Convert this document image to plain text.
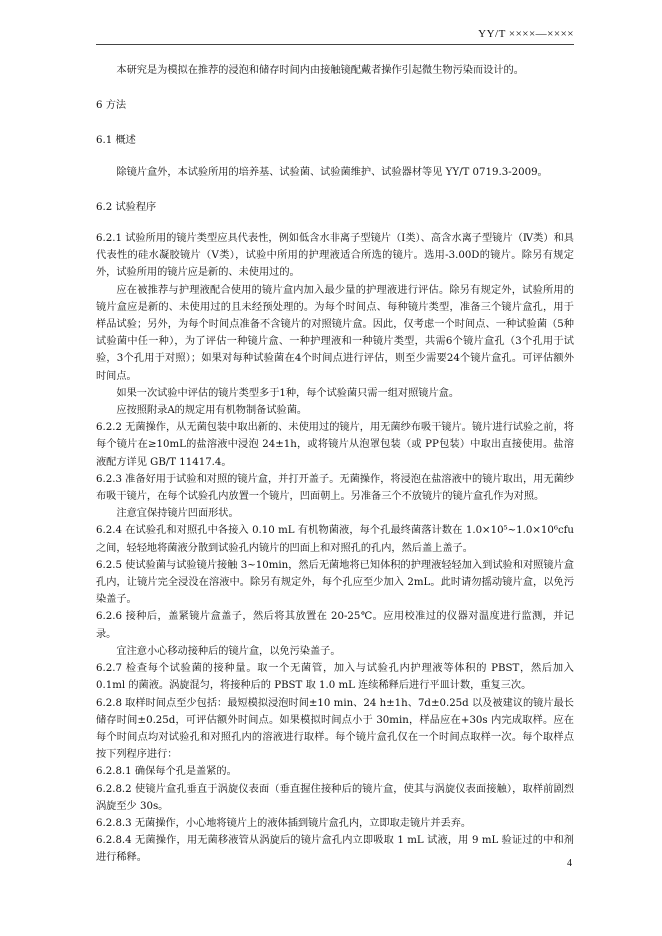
YY/T ××××—××××

本研究是为模拟在推荐的浸泡和储存时间内由接触镜配戴者操作引起微生物污染而设计的。

6 方法

6.1 概述

除镜片盒外，本试验所用的培养基、试验菌、试验菌维护、试验器材等见 YY/T 0719.3-2009。

6.2 试验程序

6.2.1 试验所用的镜片类型应具代表性，例如低含水非离子型镜片（Ⅰ类）、高含水离子型镜片（Ⅳ类）和具代表性的硅水凝胶镜片（Ⅴ类），试验中所用的护理液适合所选的镜片。选用-3.00D的镜片。除另有规定外，试验所用的镜片应是新的、未使用过的。

应在被推荐与护理液配合使用的镜片盒内加入最少量的护理液进行评估。除另有规定外，试验所用的镜片盒应是新的、未使用过的且未经预处理的。为每个时间点、每种镜片类型，准备三个镜片盒孔，用于样品试验；另外，为每个时间点准备不含镜片的对照镜片盒。因此，仅考虑一个时间点、一种试验菌（5种试验菌中任一种），为了评估一种镜片盒、一种护理液和一种镜片类型，共需6个镜片盒孔（3个孔用于试验，3个孔用于对照）；如果对每种试验菌在4个时间点进行评估，则至少需要24个镜片盒孔。可评估额外时间点。

如果一次试验中评估的镜片类型多于1种，每个试验菌只需一组对照镜片盒。

应按照附录A的规定用有机物制备试验菌。

6.2.2 无菌操作，从无菌包装中取出新的、未使用过的镜片，用无菌纱布吸干镜片。镜片进行试验之前，将每个镜片在≥10mL的盐溶液中浸泡 24±1h，或将镜片从泡罩包装（或 PP包装）中取出直接使用。盐溶液配方详见 GB/T 11417.4。

6.2.3 准备好用于试验和对照的镜片盒，并打开盖子。无菌操作，将浸泡在盐溶液中的镜片取出，用无菌纱布吸干镜片，在每个试验孔内放置一个镜片，凹面朝上。另准备三个不放镜片的镜片盒孔作为对照。

注意宜保持镜片凹面形状。

6.2.4 在试验孔和对照孔中各接入 0.10 mL 有机物菌液，每个孔最终菌落计数在 1.0×10⁵~1.0×10⁶cfu 之间，轻轻地将菌液分散到试验孔内镜片的凹面上和对照孔的孔内，然后盖上盖子。

6.2.5 使试验菌与试验镜片接触 3~10min，然后无菌地将已知体积的护理液轻轻加入到试验和对照镜片盒孔内，让镜片完全浸没在溶液中。除另有规定外，每个孔应至少加入 2mL。此时请勿摇动镜片盒，以免污染盖子。

6.2.6 接种后，盖紧镜片盒盖子，然后将其放置在 20-25℃。应用校准过的仪器对温度进行监测，并记录。

宜注意小心移动接种后的镜片盒，以免污染盖子。

6.2.7 检查每个试验菌的接种量。取一个无菌管，加入与试验孔内护理液等体积的 PBST，然后加入 0.1ml 的菌液。涡旋混匀，将接种后的 PBST 取 1.0 mL 连续稀释后进行平皿计数，重复三次。

6.2.8 取样时间点至少包括：最短模拟浸泡时间±10 min、24 h±1h、7d±0.25d 以及被建议的镜片最长储存时间±0.25d，可评估额外时间点。如果模拟时间点小于 30min，样品应在+30s 内完成取样。应在每个时间点均对试验孔和对照孔内的溶液进行取样。每个镜片盒孔仅在一个时间点取样一次。每个取样点按下列程序进行：

6.2.8.1 确保每个孔是盖紧的。

6.2.8.2 使镜片盒孔垂直于涡旋仪表面（垂直握住接种后的镜片盒，使其与涡旋仪表面接触），取样前剧烈涡旋至少 30s。

6.2.8.3 无菌操作，小心地将镜片上的液体插到镜片盒孔内，立即取走镜片并丢弃。

6.2.8.4 无菌操作，用无菌移液管从涡旋后的镜片盒孔内立即吸取 1 mL 试液，用 9 mL 验证过的中和剂进行稀释。

4
